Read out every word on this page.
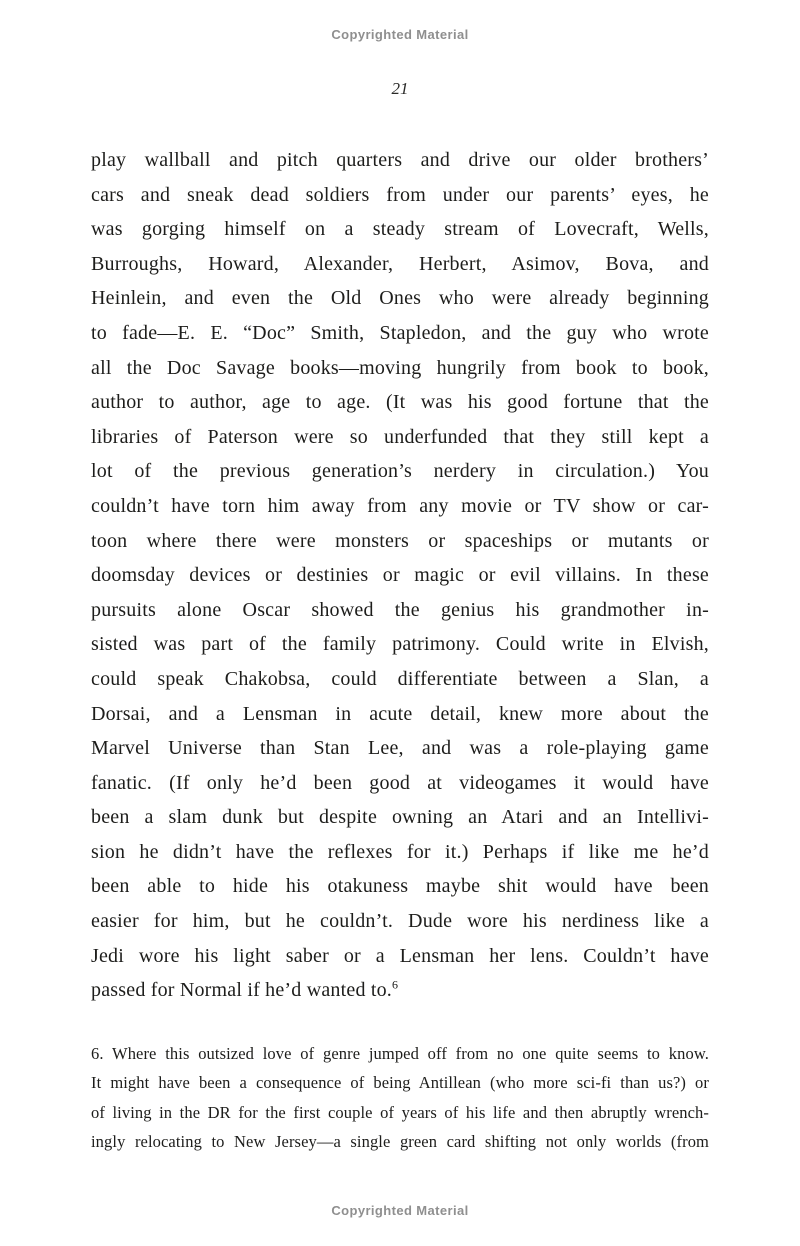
Copyrighted Material
21
play wallball and pitch quarters and drive our older brothers’
cars and sneak dead soldiers from under our parents’ eyes, he
was gorging himself on a steady stream of Lovecraft, Wells,
Burroughs, Howard, Alexander, Herbert, Asimov, Bova, and
Heinlein, and even the Old Ones who were already beginning
to fade—E. E. “Doc” Smith, Stapledon, and the guy who wrote
all the Doc Savage books—moving hungrily from book to book,
author to author, age to age. (It was his good fortune that the
libraries of Paterson were so underfunded that they still kept a
lot of the previous generation’s nerdery in circulation.) You
couldn’t have torn him away from any movie or TV show or car-
toon where there were monsters or spaceships or mutants or
doomsday devices or destinies or magic or evil villains. In these
pursuits alone Oscar showed the genius his grandmother in-
sisted was part of the family patrimony. Could write in Elvish,
could speak Chakobsa, could differentiate between a Slan, a
Dorsai, and a Lensman in acute detail, knew more about the
Marvel Universe than Stan Lee, and was a role-playing game
fanatic. (If only he’d been good at videogames it would have
been a slam dunk but despite owning an Atari and an Intellivi-
sion he didn’t have the reflexes for it.) Perhaps if like me he’d
been able to hide his otakuness maybe shit would have been
easier for him, but he couldn’t. Dude wore his nerdiness like a
Jedi wore his light saber or a Lensman her lens. Couldn’t have
passed for Normal if he’d wanted to.$^6$
6. Where this outsized love of genre jumped off from no one quite seems to know.
It might have been a consequence of being Antillean (who more sci-fi than us?) or
of living in the DR for the first couple of years of his life and then abruptly wrench-
ingly relocating to New Jersey—a single green card shifting not only worlds (from
Copyrighted Material
